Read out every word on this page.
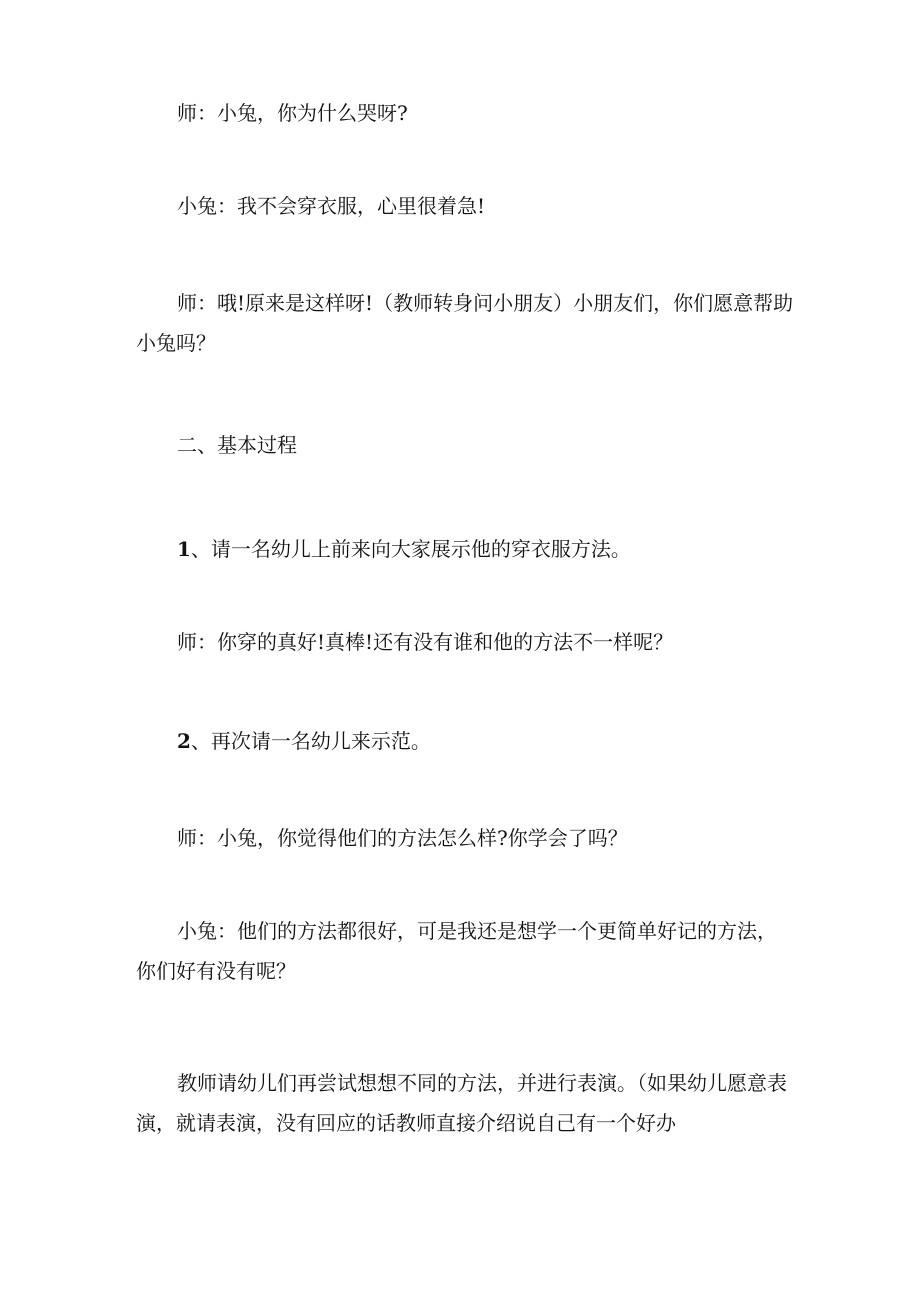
师：小兔，你为什么哭呀?

小兔：我不会穿衣服，心里很着急!

师：哦!原来是这样呀!（教师转身问小朋友）小朋友们，你们愿意帮助小兔吗？

二、基本过程

1、请一名幼儿上前来向大家展示他的穿衣服方法。

师：你穿的真好!真棒!还有没有谁和他的方法不一样呢？

2、再次请一名幼儿来示范。

师：小兔，你觉得他们的方法怎么样?你学会了吗？

小兔：他们的方法都很好，可是我还是想学一个更简单好记的方法，你们好有没有呢？

教师请幼儿们再尝试想想不同的方法，并进行表演。（如果幼儿愿意表演，就请表演，没有回应的话教师直接介绍说自己有一个好办
